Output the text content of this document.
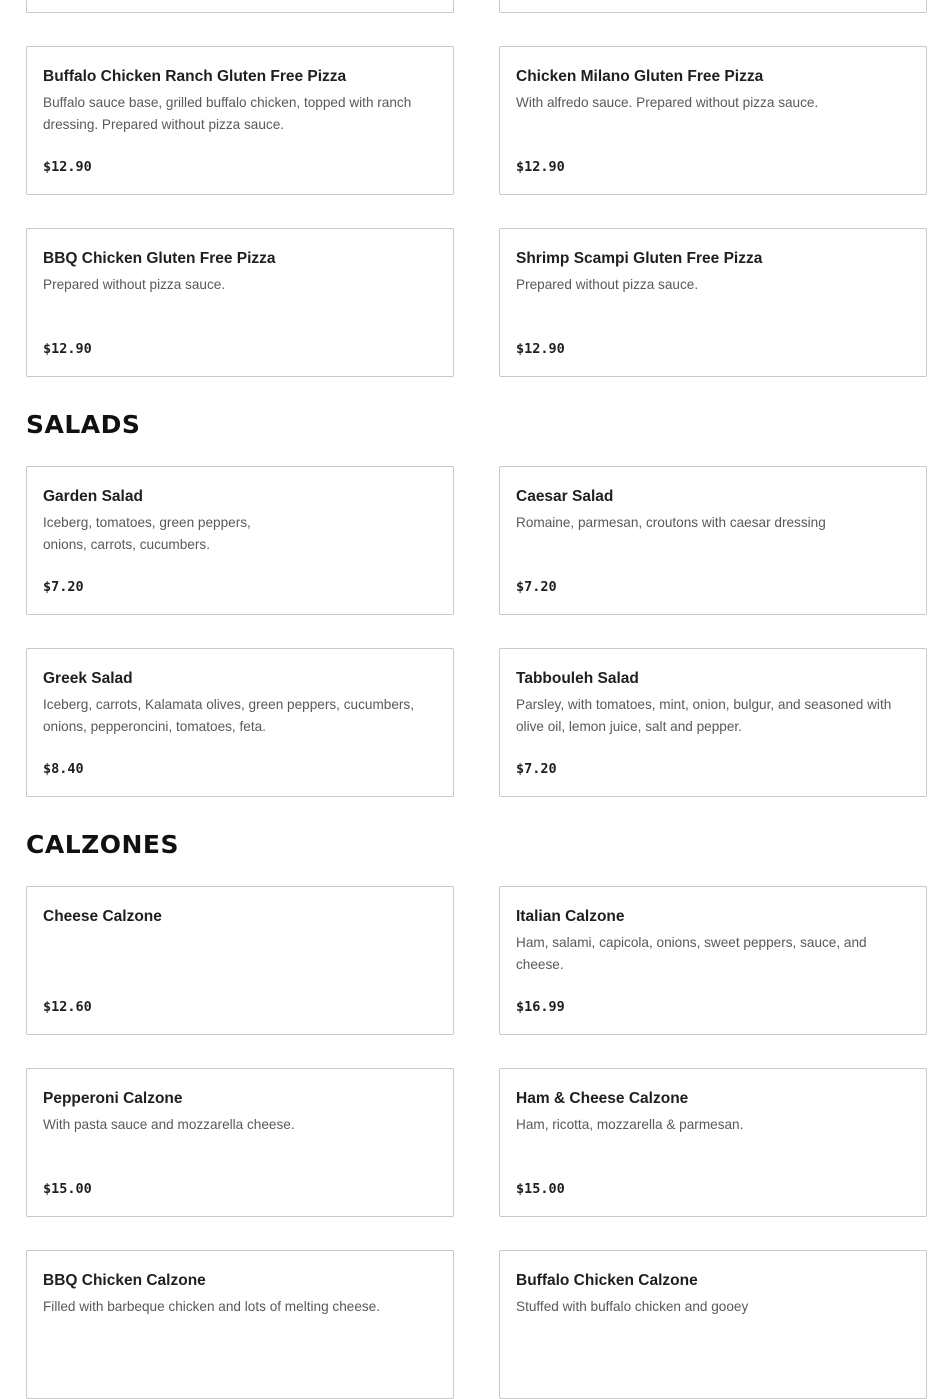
Buffalo Chicken Ranch Gluten Free Pizza
Buffalo sauce base, grilled buffalo chicken, topped with ranch dressing. Prepared without pizza sauce.
$12.90
Chicken Milano Gluten Free Pizza
With alfredo sauce. Prepared without pizza sauce.
$12.90
BBQ Chicken Gluten Free Pizza
Prepared without pizza sauce.
$12.90
Shrimp Scampi Gluten Free Pizza
Prepared without pizza sauce.
$12.90
SALADS
Garden Salad
Iceberg, tomatoes, green peppers,
onions, carrots, cucumbers.
$7.20
Caesar Salad
Romaine, parmesan, croutons with caesar dressing
$7.20
Greek Salad
Iceberg, carrots, Kalamata olives, green peppers, cucumbers, onions, pepperoncini, tomatoes, feta.
$8.40
Tabbouleh Salad
Parsley, with tomatoes, mint, onion, bulgur, and seasoned with olive oil, lemon juice, salt and pepper.
$7.20
CALZONES
Cheese Calzone
$12.60
Italian Calzone
Ham, salami, capicola, onions, sweet peppers, sauce, and cheese.
$16.99
Pepperoni Calzone
With pasta sauce and mozzarella cheese.
$15.00
Ham & Cheese Calzone
Ham, ricotta, mozzarella & parmesan.
$15.00
BBQ Chicken Calzone
Filled with barbeque chicken and lots of melting cheese.
Buffalo Chicken Calzone
Stuffed with buffalo chicken and gooey
